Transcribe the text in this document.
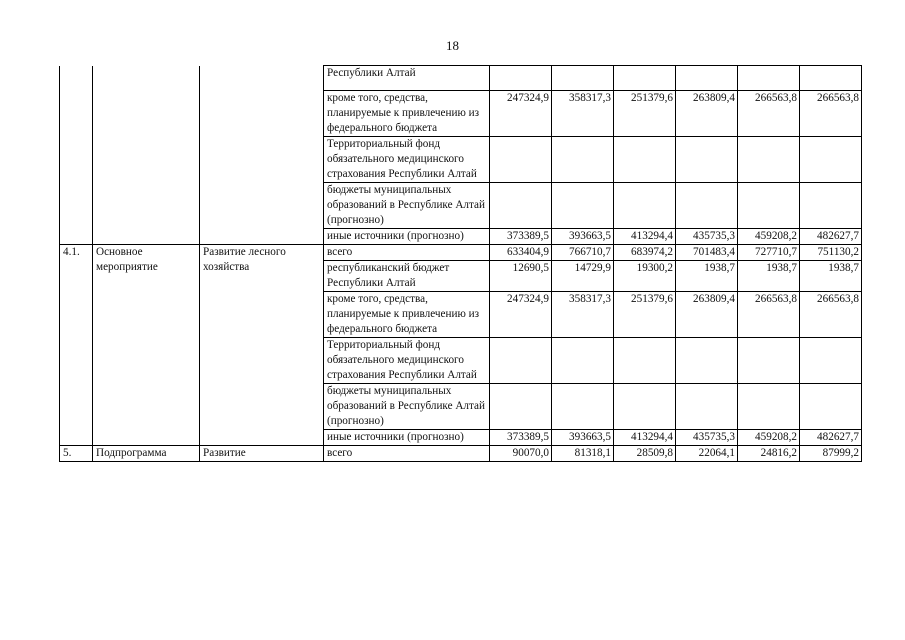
18
			Республики Алтай						
			кроме того, средства, планируемые к привлечению из федерального бюджета	247324,9	358317,3	251379,6	263809,4	266563,8	266563,8
			Территориальный фонд обязательного медицинского страхования Республики Алтай						
			бюджеты муниципальных образований в Республике Алтай (прогнозно)						
			иные источники (прогнозно)	373389,5	393663,5	413294,4	435735,3	459208,2	482627,7
4.1.	Основное мероприятие	Развитие лесного хозяйства	всего	633404,9	766710,7	683974,2	701483,4	727710,7	751130,2
			республиканский бюджет Республики Алтай	12690,5	14729,9	19300,2	1938,7	1938,7	1938,7
			кроме того, средства, планируемые к привлечению из федерального бюджета	247324,9	358317,3	251379,6	263809,4	266563,8	266563,8
			Территориальный фонд обязательного медицинского страхования Республики Алтай						
			бюджеты муниципальных образований в Республике Алтай (прогнозно)						
			иные источники (прогнозно)	373389,5	393663,5	413294,4	435735,3	459208,2	482627,7
5.	Подпрограмма	Развитие	всего	90070,0	81318,1	28509,8	22064,1	24816,2	87999,2
